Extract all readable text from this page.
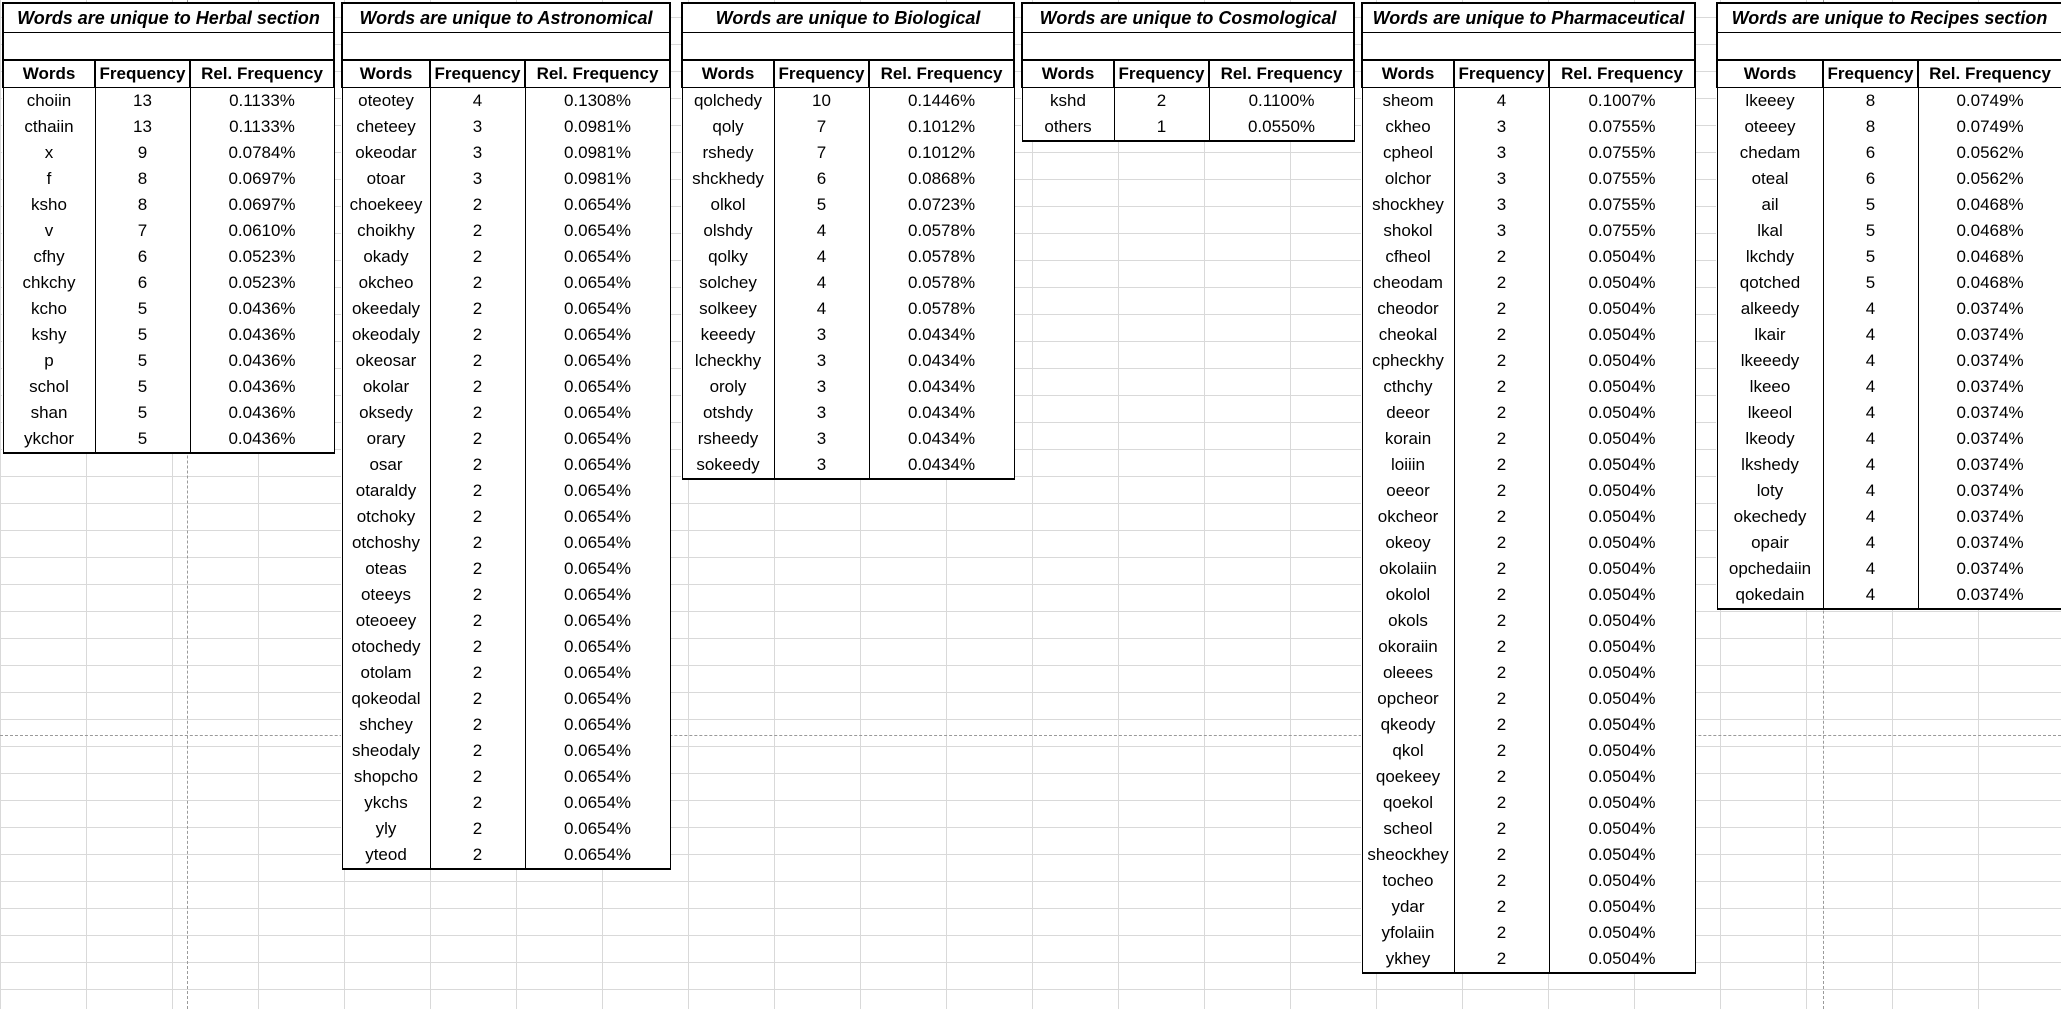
Words are unique to Herbal section		

Words	Frequency	Rel. Frequency
choiin	13	0.1133%
cthaiin	13	0.1133%
x	9	0.0784%
f	8	0.0697%
ksho	8	0.0697%
v	7	0.0610%
cfhy	6	0.0523%
chkchy	6	0.0523%
kcho	5	0.0436%
kshy	5	0.0436%
p	5	0.0436%
schol	5	0.0436%
shan	5	0.0436%
ykchor	5	0.0436%
Words are unique to Astronomical		

Words	Frequency	Rel. Frequency
oteotey	4	0.1308%
cheteey	3	0.0981%
okeodar	3	0.0981%
otoar	3	0.0981%
choekeey	2	0.0654%
choikhy	2	0.0654%
okady	2	0.0654%
okcheo	2	0.0654%
okeedaly	2	0.0654%
okeodaly	2	0.0654%
okeosar	2	0.0654%
okolar	2	0.0654%
oksedy	2	0.0654%
orary	2	0.0654%
osar	2	0.0654%
otaraldy	2	0.0654%
otchoky	2	0.0654%
otchoshy	2	0.0654%
oteas	2	0.0654%
oteeys	2	0.0654%
oteoeey	2	0.0654%
otochedy	2	0.0654%
otolam	2	0.0654%
qokeodal	2	0.0654%
shchey	2	0.0654%
sheodaly	2	0.0654%
shopcho	2	0.0654%
ykchs	2	0.0654%
yly	2	0.0654%
yteod	2	0.0654%
Words are unique to Biological		

Words	Frequency	Rel. Frequency
qolchedy	10	0.1446%
qoly	7	0.1012%
rshedy	7	0.1012%
shckhedy	6	0.0868%
olkol	5	0.0723%
olshdy	4	0.0578%
qolky	4	0.0578%
solchey	4	0.0578%
solkeey	4	0.0578%
keeedy	3	0.0434%
lcheckhy	3	0.0434%
oroly	3	0.0434%
otshdy	3	0.0434%
rsheedy	3	0.0434%
sokeedy	3	0.0434%
Words are unique to Cosmological		

Words	Frequency	Rel. Frequency
kshd	2	0.1100%
others	1	0.0550%
Words are unique to Pharmaceutical		

Words	Frequency	Rel. Frequency
sheom	4	0.1007%
ckheo	3	0.0755%
cpheol	3	0.0755%
olchor	3	0.0755%
shockhey	3	0.0755%
shokol	3	0.0755%
cfheol	2	0.0504%
cheodam	2	0.0504%
cheodor	2	0.0504%
cheokal	2	0.0504%
cpheckhy	2	0.0504%
cthchy	2	0.0504%
deeor	2	0.0504%
korain	2	0.0504%
loiiin	2	0.0504%
oeeor	2	0.0504%
okcheor	2	0.0504%
okeoy	2	0.0504%
okolaiin	2	0.0504%
okolol	2	0.0504%
okols	2	0.0504%
okoraiin	2	0.0504%
oleees	2	0.0504%
opcheor	2	0.0504%
qkeody	2	0.0504%
qkol	2	0.0504%
qoekeey	2	0.0504%
qoekol	2	0.0504%
scheol	2	0.0504%
sheockhey	2	0.0504%
tocheo	2	0.0504%
ydar	2	0.0504%
yfolaiin	2	0.0504%
ykhey	2	0.0504%
Words are unique to Recipes section		

Words	Frequency	Rel. Frequency
lkeeey	8	0.0749%
oteeey	8	0.0749%
chedam	6	0.0562%
oteal	6	0.0562%
ail	5	0.0468%
lkal	5	0.0468%
lkchdy	5	0.0468%
qotched	5	0.0468%
alkeedy	4	0.0374%
lkair	4	0.0374%
lkeeedy	4	0.0374%
lkeeo	4	0.0374%
lkeeol	4	0.0374%
lkeody	4	0.0374%
lkshedy	4	0.0374%
loty	4	0.0374%
okechedy	4	0.0374%
opair	4	0.0374%
opchedaiin	4	0.0374%
qokedain	4	0.0374%
